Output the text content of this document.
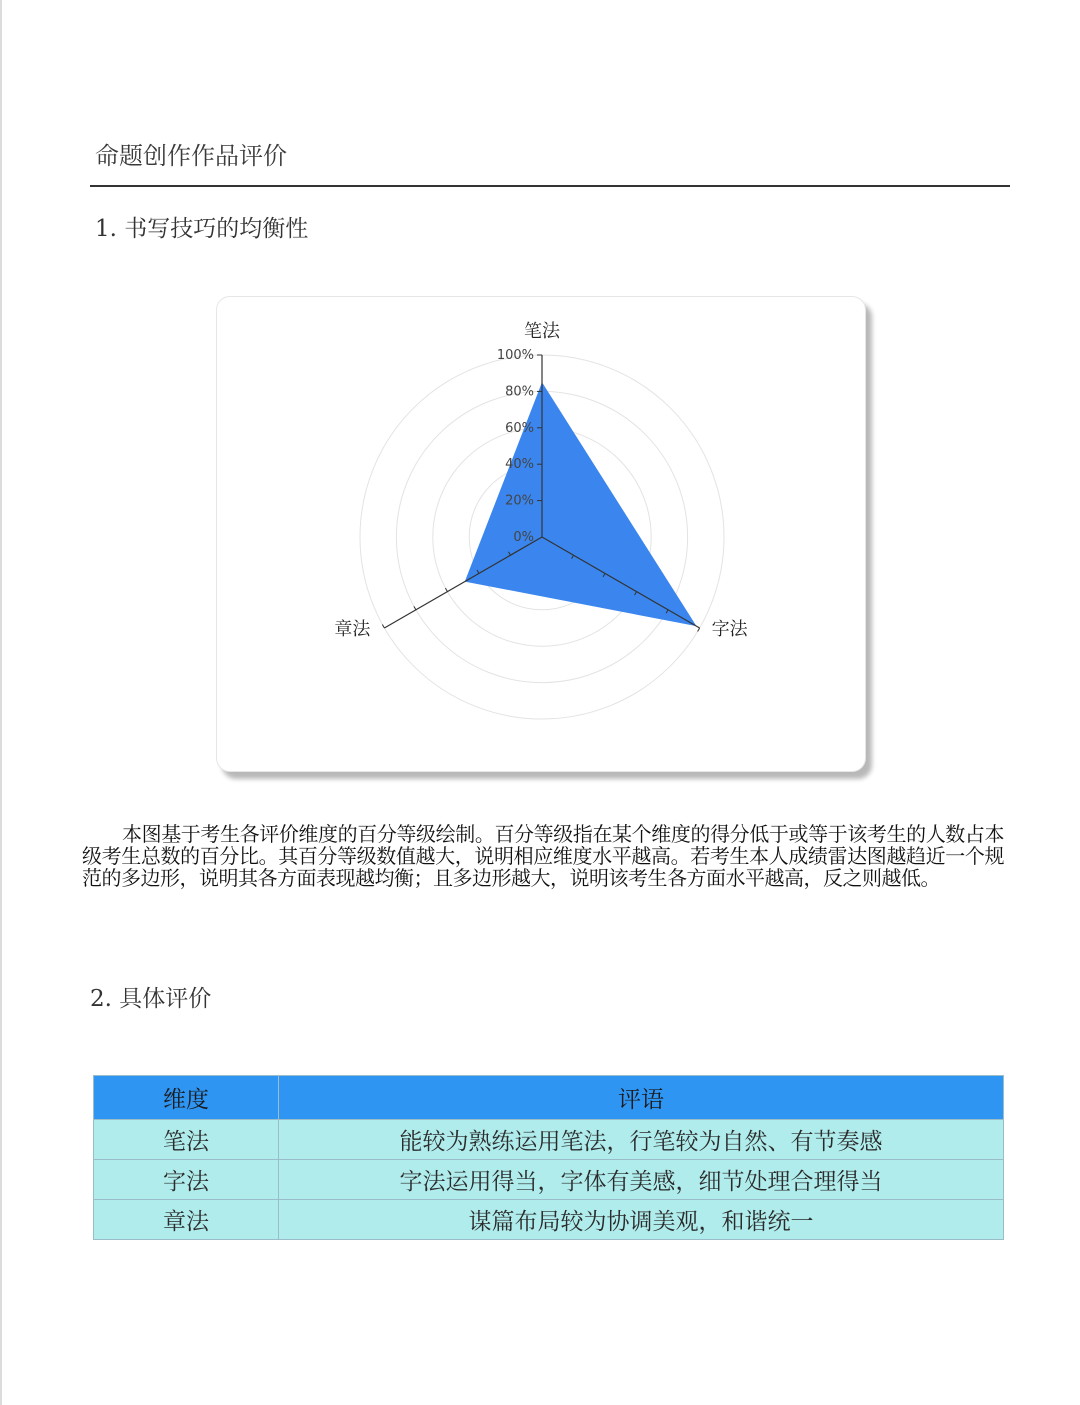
命题创作作品评价
1. 书写技巧的均衡性
0%
20%
40%
60%
80%
100%
笔法
字法
章法
本图基于考生各评价维度的百分等级绘制。百分等级指在某个维度的得分低于或等于该考生的人数占本级考生总数的百分比。其百分等级数值越大，说明相应维度水平越高。若考生本人成绩雷达图越趋近一个规范的多边形，说明其各方面表现越均衡；且多边形越大，说明该考生各方面水平越高，反之则越低。
2. 具体评价
维度	评语
笔法	能较为熟练运用笔法，行笔较为自然、有节奏感
字法	字法运用得当，字体有美感，细节处理合理得当
章法	谋篇布局较为协调美观，和谐统一
